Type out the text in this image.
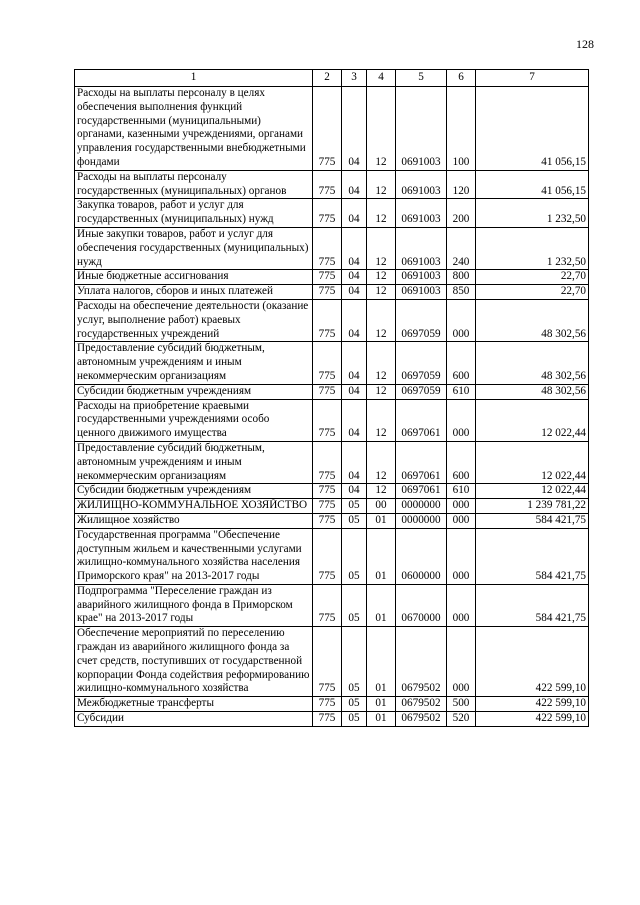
128
1	2	3	4	5	6	7
Расходы на выплаты персоналу в целях обеспечения выполнения функций государственными (муниципальными) органами, казенными учреждениями, органами управления государственными внебюджетными фондами	775	04	12	0691003	100	41 056,15
Расходы на выплаты персоналу государственных (муниципальных) органов	775	04	12	0691003	120	41 056,15
Закупка товаров, работ и услуг для государственных (муниципальных) нужд	775	04	12	0691003	200	1 232,50
Иные закупки товаров, работ и услуг для обеспечения государственных (муниципальных) нужд	775	04	12	0691003	240	1 232,50
Иные бюджетные ассигнования	775	04	12	0691003	800	22,70
Уплата налогов, сборов и иных платежей	775	04	12	0691003	850	22,70
Расходы на обеспечение деятельности (оказание услуг, выполнение работ) краевых государственных учреждений	775	04	12	0697059	000	48 302,56
Предоставление субсидий бюджетным, автономным учреждениям и иным некоммерческим организациям	775	04	12	0697059	600	48 302,56
Субсидии бюджетным учреждениям	775	04	12	0697059	610	48 302,56
Расходы на приобретение краевыми государственными учреждениями особо ценного движимого имущества	775	04	12	0697061	000	12 022,44
Предоставление субсидий бюджетным, автономным учреждениям и иным некоммерческим организациям	775	04	12	0697061	600	12 022,44
Субсидии бюджетным учреждениям	775	04	12	0697061	610	12 022,44
ЖИЛИЩНО-КОММУНАЛЬНОЕ ХОЗЯЙСТВО	775	05	00	0000000	000	1 239 781,22
Жилищное хозяйство	775	05	01	0000000	000	584 421,75
Государственная программа "Обеспечение доступным жильем и качественными услугами жилищно-коммунального хозяйства населения Приморского края" на 2013-2017 годы	775	05	01	0600000	000	584 421,75
Подпрограмма "Переселение граждан из аварийного жилищного фонда в Приморском крае" на 2013-2017 годы	775	05	01	0670000	000	584 421,75
Обеспечение мероприятий по переселению граждан из аварийного жилищного фонда за счет средств, поступивших от государственной корпорации Фонда содействия реформированию жилищно-коммунального хозяйства	775	05	01	0679502	000	422 599,10
Межбюджетные трансферты	775	05	01	0679502	500	422 599,10
Субсидии	775	05	01	0679502	520	422 599,10
